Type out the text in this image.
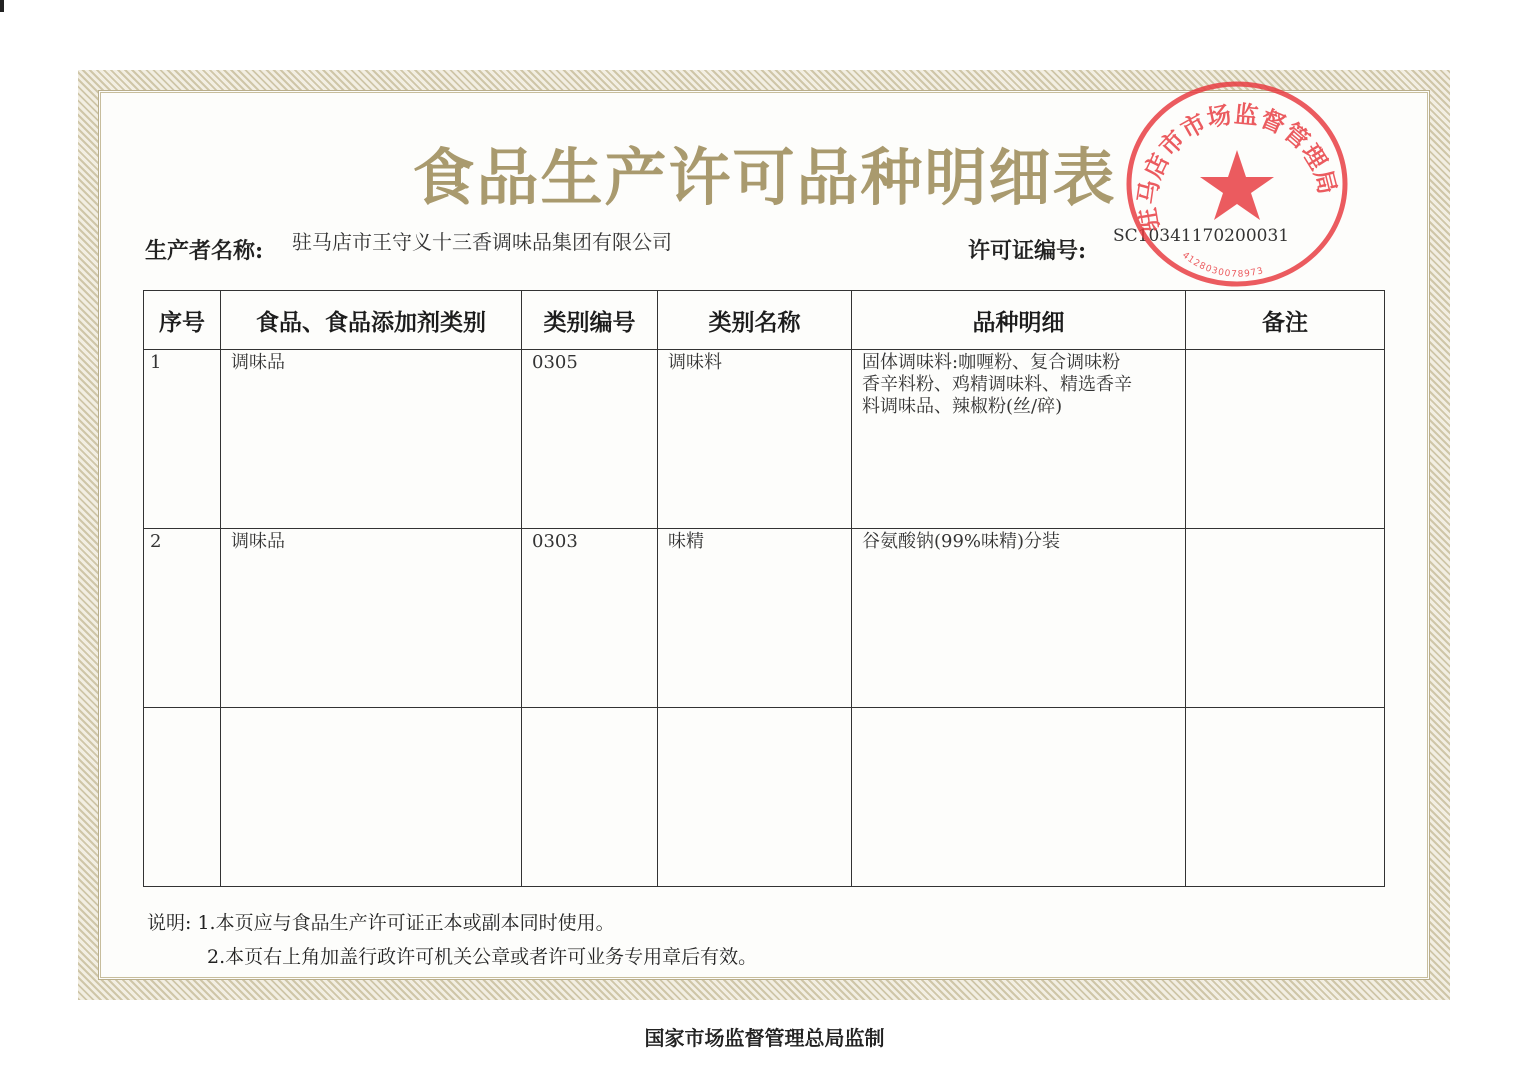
食品生产许可品种明细表
生产者名称: 驻马店市王守义十三香调味品集团有限公司	许可证编号:
SC10341170200031
序号	食品、食品添加剂类别	类别编号	类别名称	品种明细	备注
1	调味品	0305	调味料	固体调味料:咖喱粉、复合调味粉
香辛料粉、鸡精调味料、精选香辛
料调味品、辣椒粉(丝/碎)	

2	调味品	0303	味精	谷氨酸钠(99%味精)分装	

说明: 1.本页应与食品生产许可证正本或副本同时使用。
2.本页右上角加盖行政许可机关公章或者许可业务专用章后有效。
国家市场监督管理总局监制
驻马店市市场监督管理局
4128030078973
